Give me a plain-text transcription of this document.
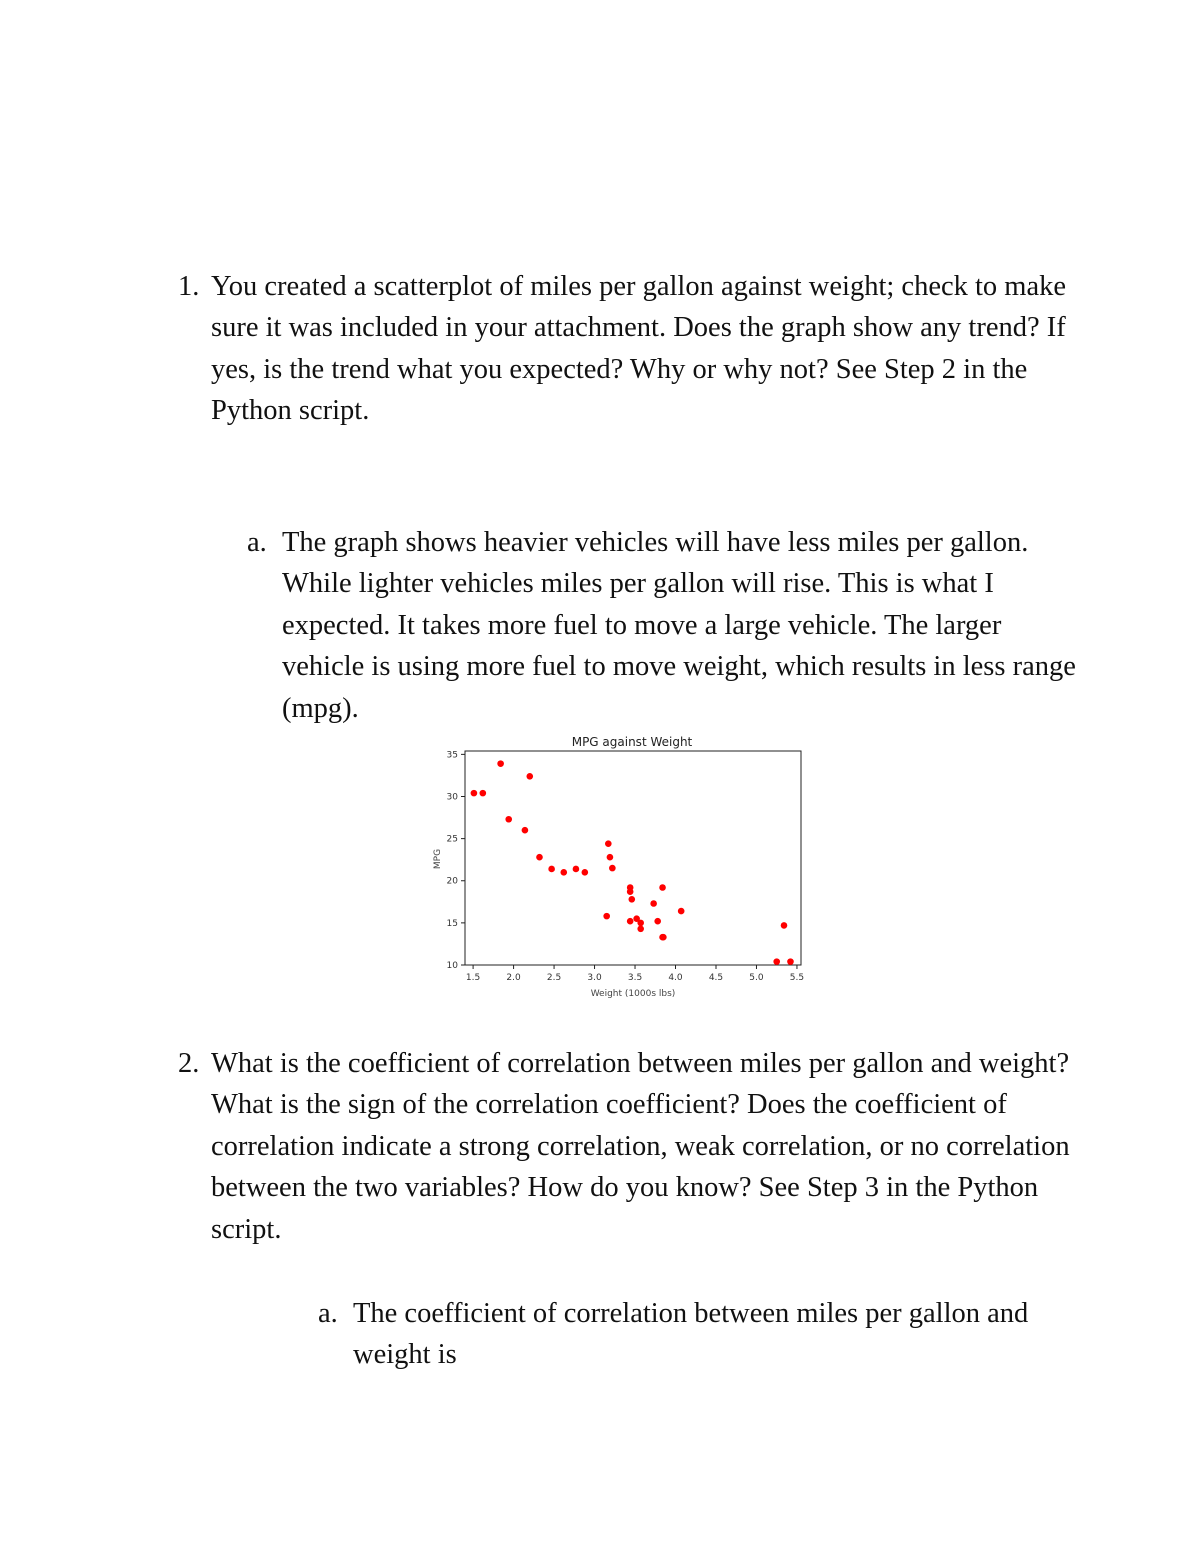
1. You created a scatterplot of miles per gallon against weight; check to make sure it was included in your attachment. Does the graph show any trend? If yes, is the trend what you expected? Why or why not? See Step 2 in the Python script.

a. The graph shows heavier vehicles will have less miles per gallon. While lighter vehicles miles per gallon will rise. This is what I expected. It takes more fuel to move a large vehicle. The larger vehicle is using more fuel to move weight, which results in less range (mpg).

MPG against Weight
1.5	2.0	2.5	3.0	3.5	4.0	4.5	5.0	5.5
10
15
20
25
30
35
Weight (1000s lbs)
MPG
2. What is the coefficient of correlation between miles per gallon and weight? What is the sign of the correlation coefficient? Does the coefficient of correlation indicate a strong correlation, weak correlation, or no correlation between the two variables? How do you know? See Step 3 in the Python script.

a. The coefficient of correlation between miles per gallon and weight is
